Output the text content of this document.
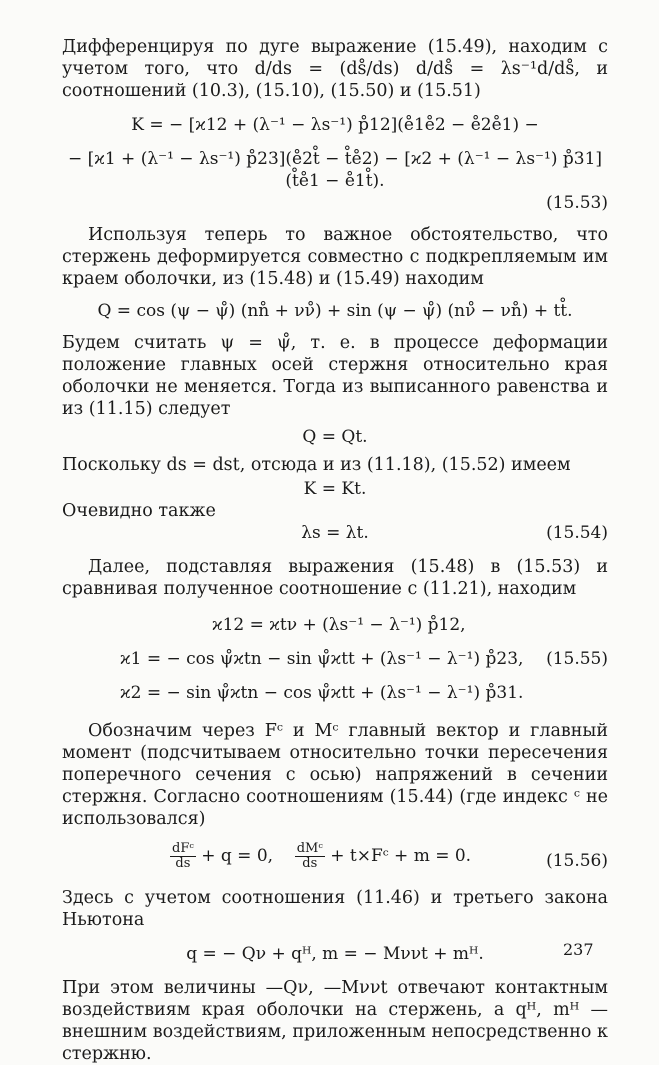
Дифференцируя по дуге выражение (15.49), находим с учетом того, что d/ds = (ds̊/ds) d/ds̊ = λs⁻¹d/ds̊, и соотношений (10.3), (15.10), (15.50) и (15.51)

K = − [ϰ12 + (λ⁻¹ − λs⁻¹) p̊12](e̊1e̊2 − e̊2e̊1) −

− [ϰ1 + (λ⁻¹ − λs⁻¹) p̊23](e̊2t̊ − t̊e̊2) − [ϰ2 + (λ⁻¹ − λs⁻¹) p̊31] (t̊e̊1 − e̊1t̊).

(15.53)

Используя теперь то важное обстоятельство, что стержень деформируется совместно с подкрепляемым им краем оболочки, из (15.48) и (15.49) находим

Q = cos (ψ − ψ̊) (nn̊ + νν̊) + sin (ψ − ψ̊) (nν̊ − νn̊) + tt̊.

Будем считать ψ = ψ̊, т. е. в процессе деформации положение главных осей стержня относительно края оболочки не меняется. Тогда из выписанного равенства и из (11.15) следует

Q = Qt.

Поскольку ds = dst, отсюда и из (11.18), (15.52) имеем

K = Kt.

Очевидно также

λs = λt.	(15.54)

Далее, подставляя выражения (15.48) в (15.53) и сравнивая полученное соотношение с (11.21), находим

ϰ12 = ϰtν + (λs⁻¹ − λ⁻¹) p̊12,

ϰ1 = − cos ψ̊ϰtn − sin ψ̊ϰtt + (λs⁻¹ − λ⁻¹) p̊23,	(15.55)

ϰ2 = − sin ψ̊ϰtn − cos ψ̊ϰtt + (λs⁻¹ − λ⁻¹) p̊31.

Обозначим через Fᶜ и Mᶜ главный вектор и главный момент (подсчитываем относительно точки пересечения поперечного сечения с осью) напряжений в сечении стержня. Согласно соотношениям (15.44) (где индекс ᶜ не использовался)

$\frac{\text{dFᶜ}}{ds} + q = 0$, $\frac{\text{dMᶜ}}{ds}$ + t×Fᶜ + m = 0.	(15.56)

Здесь с учетом соотношения (11.46) и третьего закона Ньютона

q = − Qν + qᴴ, m = − Mννt + mᴴ.

При этом величины —Qν, —Mννt отвечают контактным воздействиям края оболочки на стержень, а qᴴ, mᴴ — внешним воздействиям, приложенным непосредственно к стержню.

237
